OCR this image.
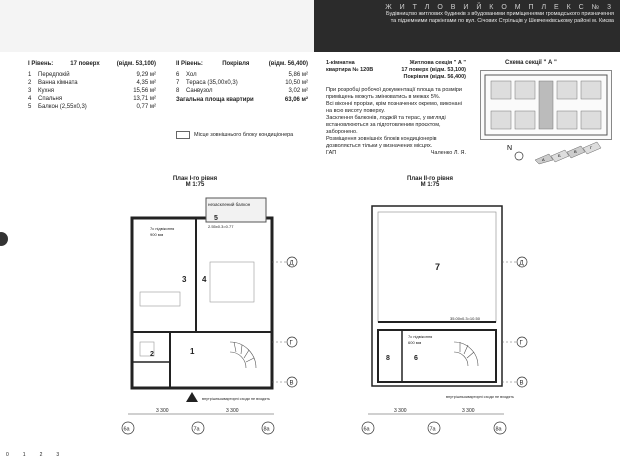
Ж И Т Л О В И Й К О М П Л Е К С № 3
Будівництво житлових будинків з вбудованими приміщеннями громадського призначення
та підземними паркінгами по вул. Січових Стрільців у Шевченківському районі м. Києва
І Рівень:	17 поверх	(відм. 53,100)
1	Передпокій	9,29 м²
2	Ванна кімната	4,35 м²
3	Кухня	15,56 м²
4	Спальня	13,71 м²
5	Балкон (2,55х0,3)	0,77 м²
ІІ Рівень:	Покрівля	(відм. 56,400)
6	Хол	5,86 м²
7	Тераса (35,00х0,3)	10,50 м²
8	Санвузол	3,02 м²
Загальна площа квартири	63,06 м²
Місце зовнішнього блоку кондиціонера
1-кімнатна	Житлова секція " А "
квартира № 120В	17 поверх (відм. 53,100)
Покрівля (відм. 56,400)
При розробці робочої документації площа та розміри
приміщень можуть змінюватись в межах 5%.
Всі віконні прорізи, крім позначених окремо, виконані
на всю висоту поверху.
Засклення балконів, лоджій та терас, у вигляді
встановлюються за підготовленим проєктом, заборонено.
Розміщення зовнішніх блоків кондиціонерів дозволяється тільки у визначених місцях.
ГАП	Чаленко Л. Я.
Схема секції " А "
N
А
Б
В
Г
План І-го рівня
М 1:75
План ІІ-го рівня
М 1:75
3 4
1
2
5
незасклений балкон
2.55х0.3=0.77
7с підвіконня
900 мм
Д
Г
В
3 300	3 300
внутрішньоквартирні сходи не входять
6а	7а	8а
7
8	6
35.00х0.3=10.50
7с підвіконня
600 мм
Д
Г
В
3 300	3 300
внутрішньоквартирні сходи не входять
6а	7а	8а
0	1	2	3
